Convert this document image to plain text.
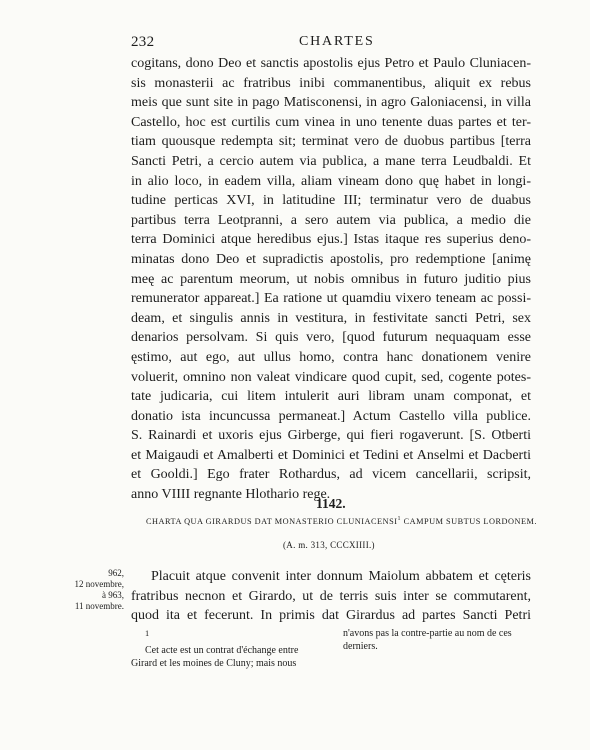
232	CHARTES
cogitans, dono Deo et sanctis apostolis ejus Petro et Paulo Cluniacen-
sis monasterii ac fratribus inibi commanentibus, aliquit ex rebus
meis que sunt site in pago Matisconensi, in agro Galoniacensi, in villa
Castello, hoc est curtilis cum vinea in uno tenente duas partes et ter-
tiam quousque redempta sit; terminat vero de duobus partibus [terra
Sancti Petri, a cercio autem via publica, a mane terra Leudbaldi. Et
in alio loco, in eadem villa, aliam vineam dono quę habet in longi-
tudine perticas XVI, in latitudine III; terminatur vero de duabus
partibus terra Leotpranni, a sero autem via publica, a medio die
terra Dominici atque heredibus ejus.] Istas itaque res superius deno-
minatas dono Deo et supradictis apostolis, pro redemptione [animę
meę ac parentum meorum, ut nobis omnibus in futuro juditio pius
remunerator appareat.] Ea ratione ut quamdiu vixero teneam ac possi-
deam, et singulis annis in vestitura, in festivitate sancti Petri, sex
denarios persolvam. Si quis vero, [quod futurum nequaquam esse
ęstimo, aut ego, aut ullus homo, contra hanc donationem venire
voluerit, omnino non valeat vindicare quod cupit, sed, cogente potes-
tate judicaria, cui litem intulerit auri libram unam componat, et
donatio ista incuncussa permaneat.] Actum Castello villa publice.
S. Rainardi et uxoris ejus Girberge, qui fieri rogaverunt. [S. Otberti
et Maigaudi et Amalberti et Dominici et Tedini et Anselmi et Dacberti
et Gooldi.] Ego frater Rothardus, ad vicem cancellarii, scripsit,
anno VIIII regnante Hlothario rege.
1142.
CHARTA QUA GIRARDUS DAT MONASTERIO CLUNIACENSI$^1$ CAMPUM SUBTUS LORDONEM.
(A. m. 313, CCCXIIII.)
962,
12 novembre,
à 963,
11 novembre.
Placuit atque convenit inter donnum Maiolum abbatem et cęteris
fratribus necnon et Girardo, ut de terris suis inter se commutarent,
quod ita et fecerunt. In primis dat Girardus ad partes Sancti Petri
$^1$
Cet acte est un contrat d'échange entre
Girard et les moines de Cluny; mais nous
n'avons pas la contre-partie au nom de ces
derniers.
